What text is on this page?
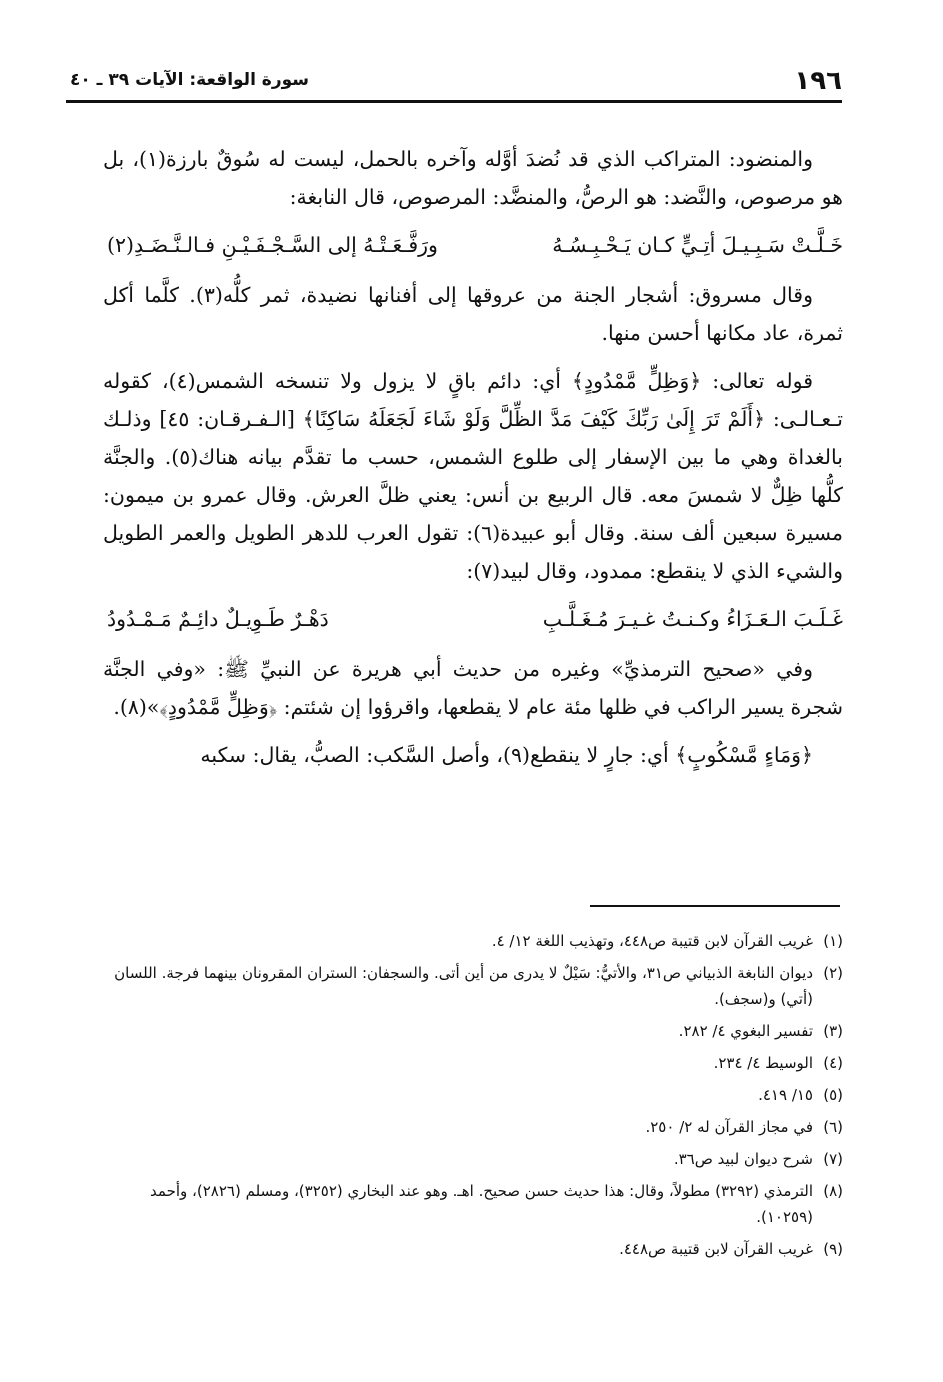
١٩٦
سورة الواقعة: الآيات ٣٩ ـ ٤٠

والمنضود: المتراكب الذي قد نُضدَ أوَّله وآخره بالحمل، ليست له سُوقٌ بارزة(١)، بل هو مرصوص، والنَّضد: هو الرصُّ، والمنضَّد: المرصوص، قال النابغة:

خَـلَّـتْ سَـبِـيـلَ أتِـيٍّ كـان يَـحْـبِـسُـهُ
ورَفَّـعَـتْـهُ إلى السَّـجْـفَـيْـنِ فـالـنَّـضَـدِ(٢)

وقال مسروق: أشجار الجنة من عروقها إلى أفنانها نضيدة، ثمر كلُّه(٣). كلَّما أكل ثمرة، عاد مكانها أحسن منها.

قوله تعالى: ﴿وَظِلٍّ مَّمْدُودٍ﴾ أي: دائم باقٍ لا يزول ولا تنسخه الشمس(٤)، كقوله تـعـالـى: ﴿أَلَمْ تَرَ إِلَىٰ رَبِّكَ كَيْفَ مَدَّ الظِّلَّ وَلَوْ شَاءَ لَجَعَلَهُ سَاكِنًا﴾ [الـفـرقـان: ٤٥] وذلـك بالغداة وهي ما بين الإسفار إلى طلوع الشمس، حسب ما تقدَّم بيانه هناك(٥). والجنَّة كلُّها ظِلٌّ لا شمسَ معه. قال الربيع بن أنس: يعني ظلَّ العرش. وقال عمرو بن ميمون: مسيرة سبعين ألف سنة. وقال أبو عبيدة(٦): تقول العرب للدهر الطويل والعمر الطويل والشيء الذي لا ينقطع: ممدود، وقال لبيد(٧):

غَـلَـبَ الـعَـزَاءُ وكـنـتُ غـيـرَ مُـغَـلَّـبِ
دَهْـرٌ طَـوِيـلٌ دائِـمٌ مَـمْـدُودُ

وفي «صحيح الترمذيِّ» وغيره من حديث أبي هريرة عن النبيِّ ﷺ: «وفي الجنَّة شجرة يسير الراكب في ظلها مئة عام لا يقطعها، واقرؤوا إن شئتم: ﴿وَظِلٍّ مَّمْدُودٍ﴾»(٨).

﴿وَمَاءٍ مَّسْكُوبٍ﴾ أي: جارٍ لا ينقطع(٩)، وأصل السَّكب: الصبُّ، يقال: سكبه

(١)غريب القرآن لابن قتيبة ص٤٤٨، وتهذيب اللغة ١٢/ ٤.
(٢)ديوان النابغة الذبياني ص٣١، والأتيُّ: سَيْلٌ لا يدرى من أين أتى. والسجفان: الستران المقرونان بينهما فرجة. اللسان (أتي) و(سجف).
(٣)تفسير البغوي ٤/ ٢٨٢.
(٤)الوسيط ٤/ ٢٣٤.
(٥)١٥/ ٤١٩.
(٦)في مجاز القرآن له ٢/ ٢٥٠.
(٧)شرح ديوان لبيد ص٣٦.
(٨)الترمذي (٣٢٩٢) مطولاً، وقال: هذا حديث حسن صحيح. اهـ. وهو عند البخاري (٣٢٥٢)، ومسلم (٢٨٢٦)، وأحمد (١٠٢٥٩).
(٩)غريب القرآن لابن قتيبة ص٤٤٨.
